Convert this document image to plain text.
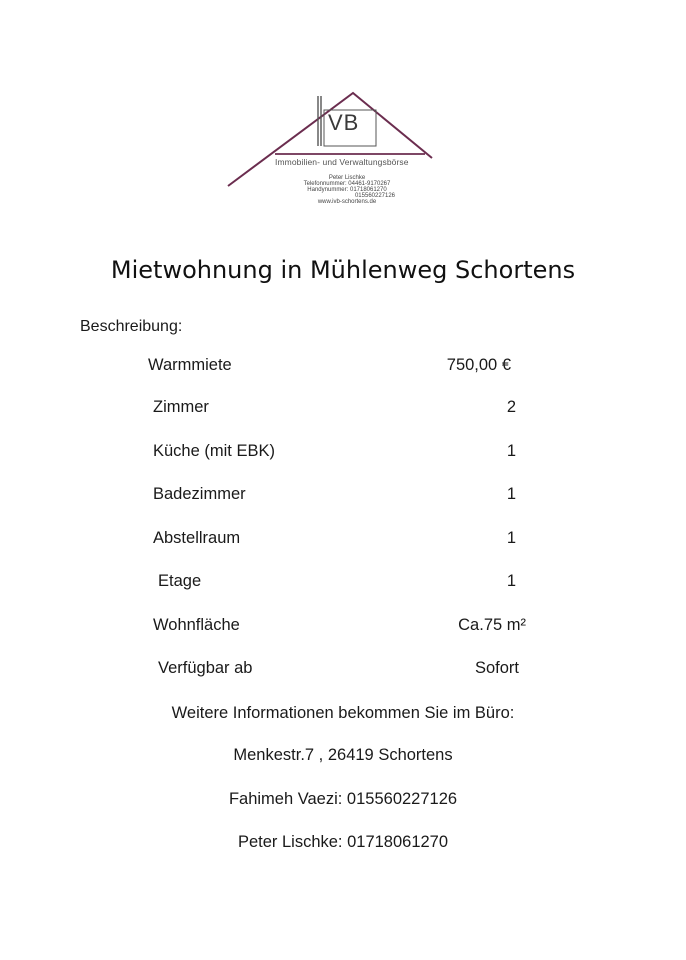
VB
Immobilien- und Verwaltungsbörse
Peter Lischke
Telefonnummer: 04461-9170267
Handynummer: 01718061270
015560227126
www.ivb-schortens.de
Mietwohnung in Mühlenweg Schortens
Beschreibung:
Warmmiete	750,00 €
Zimmer	2
Küche (mit EBK)	1
Badezimmer	1
Abstellraum	1
Etage	1
Wohnfläche	Ca.75 m²
Verfügbar ab	Sofort
Weitere Informationen bekommen Sie im Büro:
Menkestr.7 , 26419 Schortens
Fahimeh Vaezi: 015560227126
Peter Lischke: 01718061270
